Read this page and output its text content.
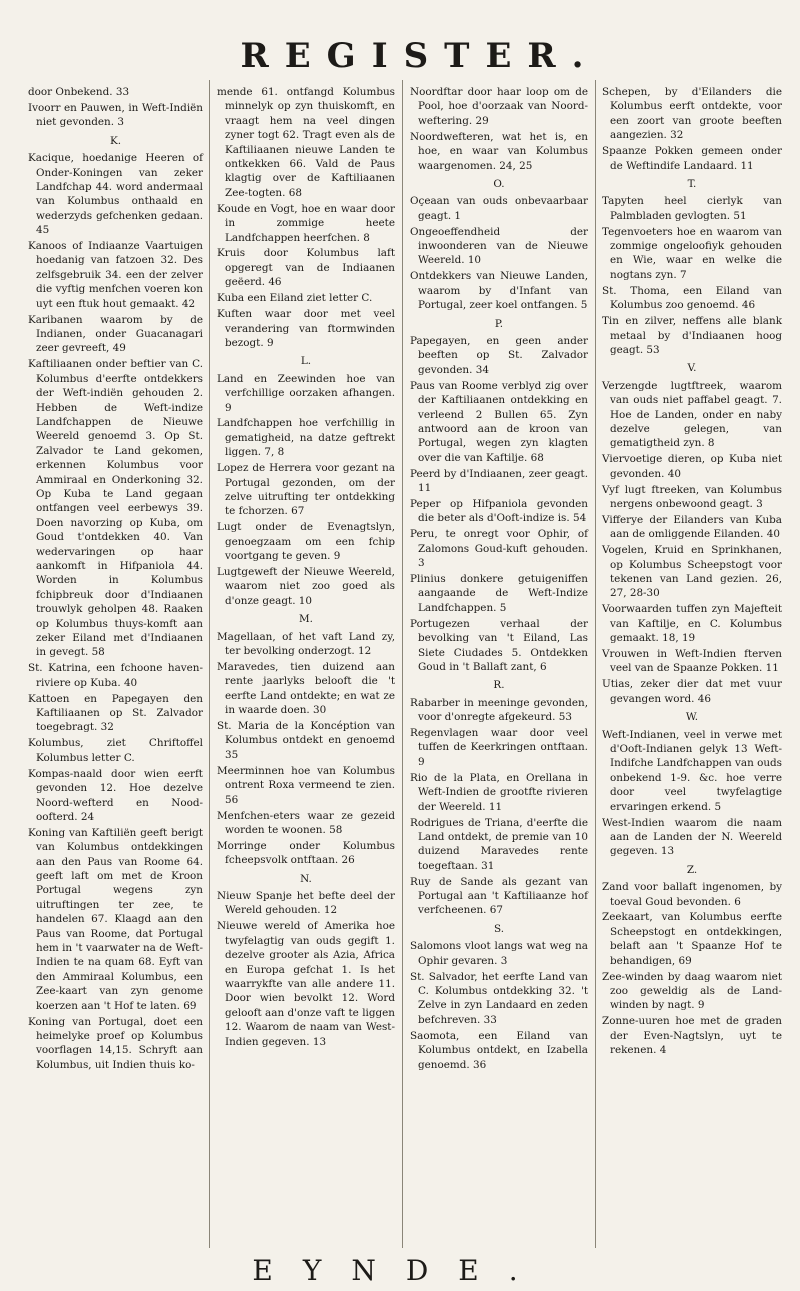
REGISTER.
door Onbekend. 33
Ivoorr en Pauwen, in Weft-Indiën niet gevonden. 3
K.
Kacique, hoedanige Heeren of Onder-Koningen van zeker Landfchap 44. word andermaal van Kolumbus onthaald en wederzyds gefchenken gedaan. 45
Kanoos of Indiaanze Vaartuigen hoedanig van fatzoen 32. Des zelfsgebruik 34. een der zelver die vyftig menfchen voeren kon uyt een ftuk hout gemaakt. 42
Karibanen waarom by de Indianen, onder Guacanagari zeer gevreeft, 49
Kaftiliaanen onder beftier van C. Kolumbus d'eerfte ontdekkers der Weft-indiën gehouden 2. Hebben de Weft-indize Landfchappen de Nieuwe Weereld genoemd 3. Op St. Zalvador te Land gekomen, erkennen Kolumbus voor Ammiraal en Onderkoning 32. Op Kuba te Land gegaan ontfangen veel eerbewys 39. Doen navorzing op Kuba, om Goud t'ontdekken 40. Van wedervaringen op haar aankomft in Hifpaniola 44. Worden in Kolumbus fchipbreuk door d'Indiaanen trouwlyk geholpen 48. Raaken op Kolumbus thuys-komft aan zeker Eiland met d'Indiaanen in gevegt. 58
St. Katrina, een fchoone haven-riviere op Kuba. 40
Kattoen en Papegayen den Kaftiliaanen op St. Zalvador toegebragt. 32
Kolumbus, ziet Chriftoffel Kolumbus letter C.
Kompas-naald door wien eerft gevonden 12. Hoe dezelve Noord-wefterd en Nood-oofterd. 24
Koning van Kaftiliën geeft berigt van Kolumbus ontdekkingen aan den Paus van Roome 64. geeft laft om met de Kroon Portugal wegens zyn uitruftingen ter zee, te handelen 67. Klaagd aan den Paus van Roome, dat Portugal hem in 't vaarwater na de Weft-Indien te na quam 68. Eyft van den Ammiraal Kolumbus, een Zee-kaart van zyn genome koerzen aan 't Hof te laten. 69
Koning van Portugal, doet een heimelyke proef op Kolumbus voorflagen 14,15. Schryft aan Kolumbus, uit Indien thuis ko-
mende 61. ontfangd Kolumbus minnelyk op zyn thuiskomft, en vraagt hem na veel dingen zyner togt 62. Tragt even als de Kaftiliaanen nieuwe Landen te ontkekken 66. Vald de Paus klagtig over de Kaftiliaanen Zee-togten. 68
Koude en Vogt, hoe en waar door in zommige heete Landfchappen heerfchen. 8
Kruis door Kolumbus laft opgeregt van de Indiaanen geëerd. 46
Kuba een Eiland ziet letter C.
Kuften waar door met veel verandering van ftormwinden bezogt. 9
L.
Land en Zeewinden hoe van verfchillige oorzaken afhangen. 9
Landfchappen hoe verfchillig in gematigheid, na datze geftrekt liggen. 7, 8
Lopez de Herrera voor gezant na Portugal gezonden, om der zelve uitrufting ter ontdekking te fchorzen. 67
Lugt onder de Evenagtslyn, genoegzaam om een fchip voortgang te geven. 9
Lugtgeweft der Nieuwe Weereld, waarom niet zoo goed als d'onze geagt. 10
M.
Magellaan, of het vaft Land zy, ter bevolking onderzogt. 12
Maravedes, tien duizend aan rente jaarlyks belooft die 't eerfte Land ontdekte; en wat ze in waarde doen. 30
St. Maria de la Koncéption van Kolumbus ontdekt en genoemd 35
Meerminnen hoe van Kolumbus ontrent Roxa vermeend te zien. 56
Menfchen-eters waar ze gezeid worden te woonen. 58
Morringe onder Kolumbus fcheepsvolk ontftaan. 26
N.
Nieuw Spanje het befte deel der Wereld gehouden. 12
Nieuwe wereld of Amerika hoe twyfelagtig van ouds gegift 1. dezelve grooter als Azia, Africa en Europa gefchat 1. Is het waarrykfte van alle andere 11. Door wien bevolkt 12. Word gelooft aan d'onze vaft te liggen 12. Waarom de naam van West-Indien gegeven. 13
Noordftar door haar loop om de Pool, hoe d'oorzaak van Noord-weftering. 29
Noordwefteren, wat het is, en hoe, en waar van Kolumbus waargenomen. 24, 25
O.
Oçeaan van ouds onbevaarbaar geagt. 1
Ongeoeffendheid der inwoonderen van de Nieuwe Weereld. 10
Ontdekkers van Nieuwe Landen, waarom by d'Infant van Portugal, zeer koel ontfangen. 5
P.
Papegayen, en geen ander beeften op St. Zalvador gevonden. 34
Paus van Roome verblyd zig over der Kaftiliaanen ontdekking en verleend 2 Bullen 65. Zyn antwoord aan de kroon van Portugal, wegen zyn klagten over die van Kaftilje. 68
Peerd by d'Indiaanen, zeer geagt. 11
Peper op Hifpaniola gevonden die beter als d'Ooft-indize is. 54
Peru, te onregt voor Ophir, of Zalomons Goud-kuft gehouden. 3
Plinius donkere getuigeniffen aangaande de Weft-Indize Landfchappen. 5
Portugezen verhaal der bevolking van 't Eiland, Las Siete Ciudades 5. Ontdekken Goud in 't Ballaft zant, 6
R.
Rabarber in meeninge gevonden, voor d'onregte afgekeurd. 53
Regenvlagen waar door veel tuffen de Keerkringen ontftaan. 9
Rio de la Plata, en Orellana in Weft-Indien de grootfte rivieren der Weereld. 11
Rodrigues de Triana, d'eerfte die Land ontdekt, de premie van 10 duizend Maravedes rente toegeftaan. 31
Ruy de Sande als gezant van Portugal aan 't Kaftiliaanze hof verfcheenen. 67
S.
Salomons vloot langs wat weg na Ophir gevaren. 3
St. Salvador, het eerfte Land van C. Kolumbus ontdekking 32. 't Zelve in zyn Landaard en zeden befchreven. 33
Saomota, een Eiland van Kolumbus ontdekt, en Izabella genoemd. 36
Schepen, by d'Eilanders die Kolumbus eerft ontdekte, voor een zoort van groote beeften aangezien. 32
Spaanze Pokken gemeen onder de Weftindife Landaard. 11
T.
Tapyten heel cierlyk van Palmbladen gevlogten. 51
Tegenvoeters hoe en waarom van zommige ongeloofiyk gehouden en Wie, waar en welke die nogtans zyn. 7
St. Thoma, een Eiland van Kolumbus zoo genoemd. 46
Tin en zilver, neffens alle blank metaal by d'Indiaanen hoog geagt. 53
V.
Verzengde lugtftreek, waarom van ouds niet paffabel geagt. 7. Hoe de Landen, onder en naby dezelve gelegen, van gematigtheid zyn. 8
Viervoetige dieren, op Kuba niet gevonden. 40
Vyf lugt ftreeken, van Kolumbus nergens onbewoond geagt. 3
Vifferye der Eilanders van Kuba aan de omliggende Eilanden. 40
Vogelen, Kruid en Sprinkhanen, op Kolumbus Scheepstogt voor tekenen van Land gezien. 26, 27, 28-30
Voorwaarden tuffen zyn Majefteit van Kaftilje, en C. Kolumbus gemaakt. 18, 19
Vrouwen in Weft-Indien fterven veel van de Spaanze Pokken. 11
Utias, zeker dier dat met vuur gevangen word. 46
W.
Weft-Indianen, veel in verwe met d'Ooft-Indianen gelyk 13 Weft-Indifche Landfchappen van ouds onbekend 1-9. &c. hoe verre door veel twyfelagtige ervaringen erkend. 5
West-Indien waarom die naam aan de Landen der N. Weereld gegeven. 13
Z.
Zand voor ballaft ingenomen, by toeval Goud bevonden. 6
Zeekaart, van Kolumbus eerfte Scheepstogt en ontdekkingen, belaft aan 't Spaanze Hof te behandigen, 69
Zee-winden by daag waarom niet zoo geweldig als de Land-winden by nagt. 9
Zonne-uuren hoe met de graden der Even-Nagtslyn, uyt te rekenen. 4
EYNDE.
